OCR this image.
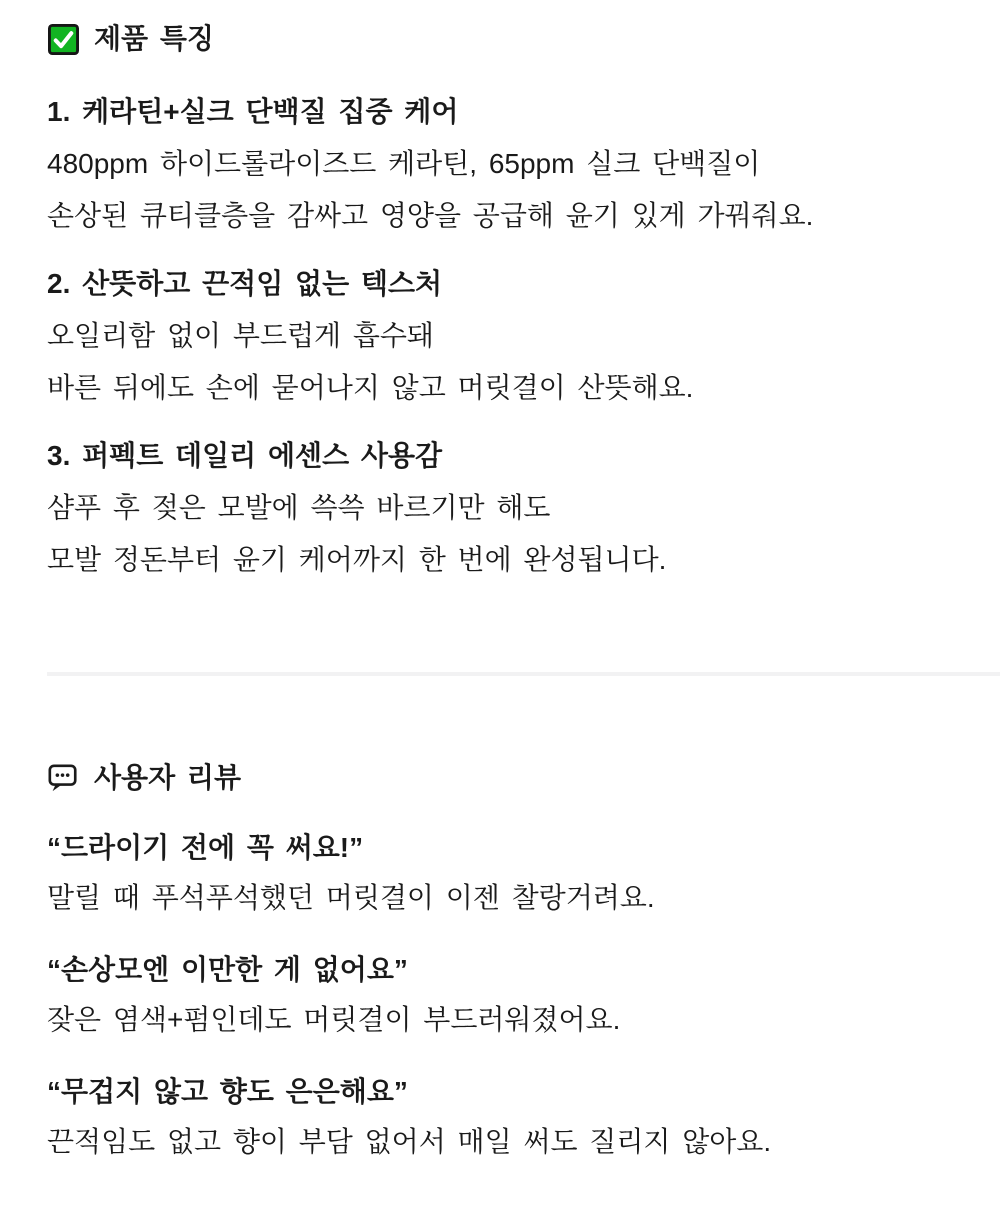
제품 특징
1. 케라틴+실크 단백질 집중 케어

480ppm 하이드롤라이즈드 케라틴, 65ppm 실크 단백질이

손상된 큐티클층을 감싸고 영양을 공급해 윤기 있게 가꿔줘요.

2. 산뜻하고 끈적임 없는 텍스처

오일리함 없이 부드럽게 흡수돼

바른 뒤에도 손에 묻어나지 않고 머릿결이 산뜻해요.

3. 퍼펙트 데일리 에센스 사용감

샴푸 후 젖은 모발에 쓱쓱 바르기만 해도

모발 정돈부터 윤기 케어까지 한 번에 완성됩니다.

사용자 리뷰
“드라이기 전에 꼭 써요!”

말릴 때 푸석푸석했던 머릿결이 이젠 찰랑거려요.

“손상모엔 이만한 게 없어요”

잦은 염색+펌인데도 머릿결이 부드러워졌어요.

“무겁지 않고 향도 은은해요”

끈적임도 없고 향이 부담 없어서 매일 써도 질리지 않아요.
